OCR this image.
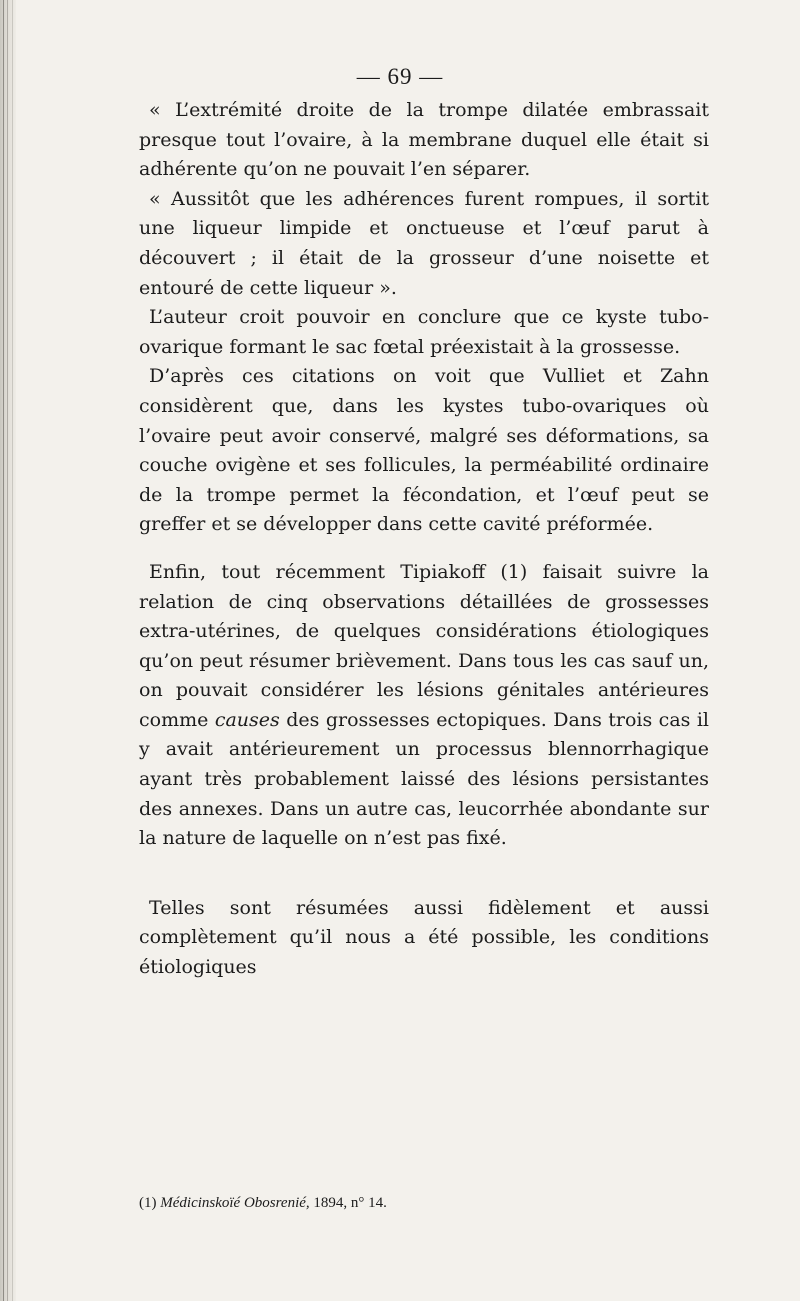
— 69 —

« L’extrémité droite de la trompe dilatée embrassait presque tout l’ovaire, à la membrane duquel elle était si adhérente qu’on ne pouvait l’en séparer.

« Aussitôt que les adhérences furent rompues, il sortit une liqueur limpide et onctueuse et l’œuf parut à découvert ; il était de la grosseur d’une noisette et entouré de cette liqueur ».

L’auteur croit pouvoir en conclure que ce kyste tubo-ovarique formant le sac fœtal préexistait à la grossesse.

D’après ces citations on voit que Vulliet et Zahn considèrent que, dans les kystes tubo-ovariques où l’ovaire peut avoir conservé, malgré ses déformations, sa couche ovigène et ses follicules, la perméabilité ordinaire de la trompe permet la fécondation, et l’œuf peut se greffer et se développer dans cette cavité préformée.

Enfin, tout récemment Tipiakoff (1) faisait suivre la relation de cinq observations détaillées de grossesses extra-utérines, de quelques considérations étiologiques qu’on peut résumer brièvement. Dans tous les cas sauf un, on pouvait considérer les lésions génitales antérieures comme causes des grossesses ectopiques. Dans trois cas il y avait antérieurement un processus blennorrhagique ayant très probablement laissé des lésions persistantes des annexes. Dans un autre cas, leucorrhée abondante sur la nature de laquelle on n’est pas fixé.

Telles sont résumées aussi fidèlement et aussi complètement qu’il nous a été possible, les conditions étiologiques

(1) Médicinskoïé Obosrenié, 1894, n° 14.
